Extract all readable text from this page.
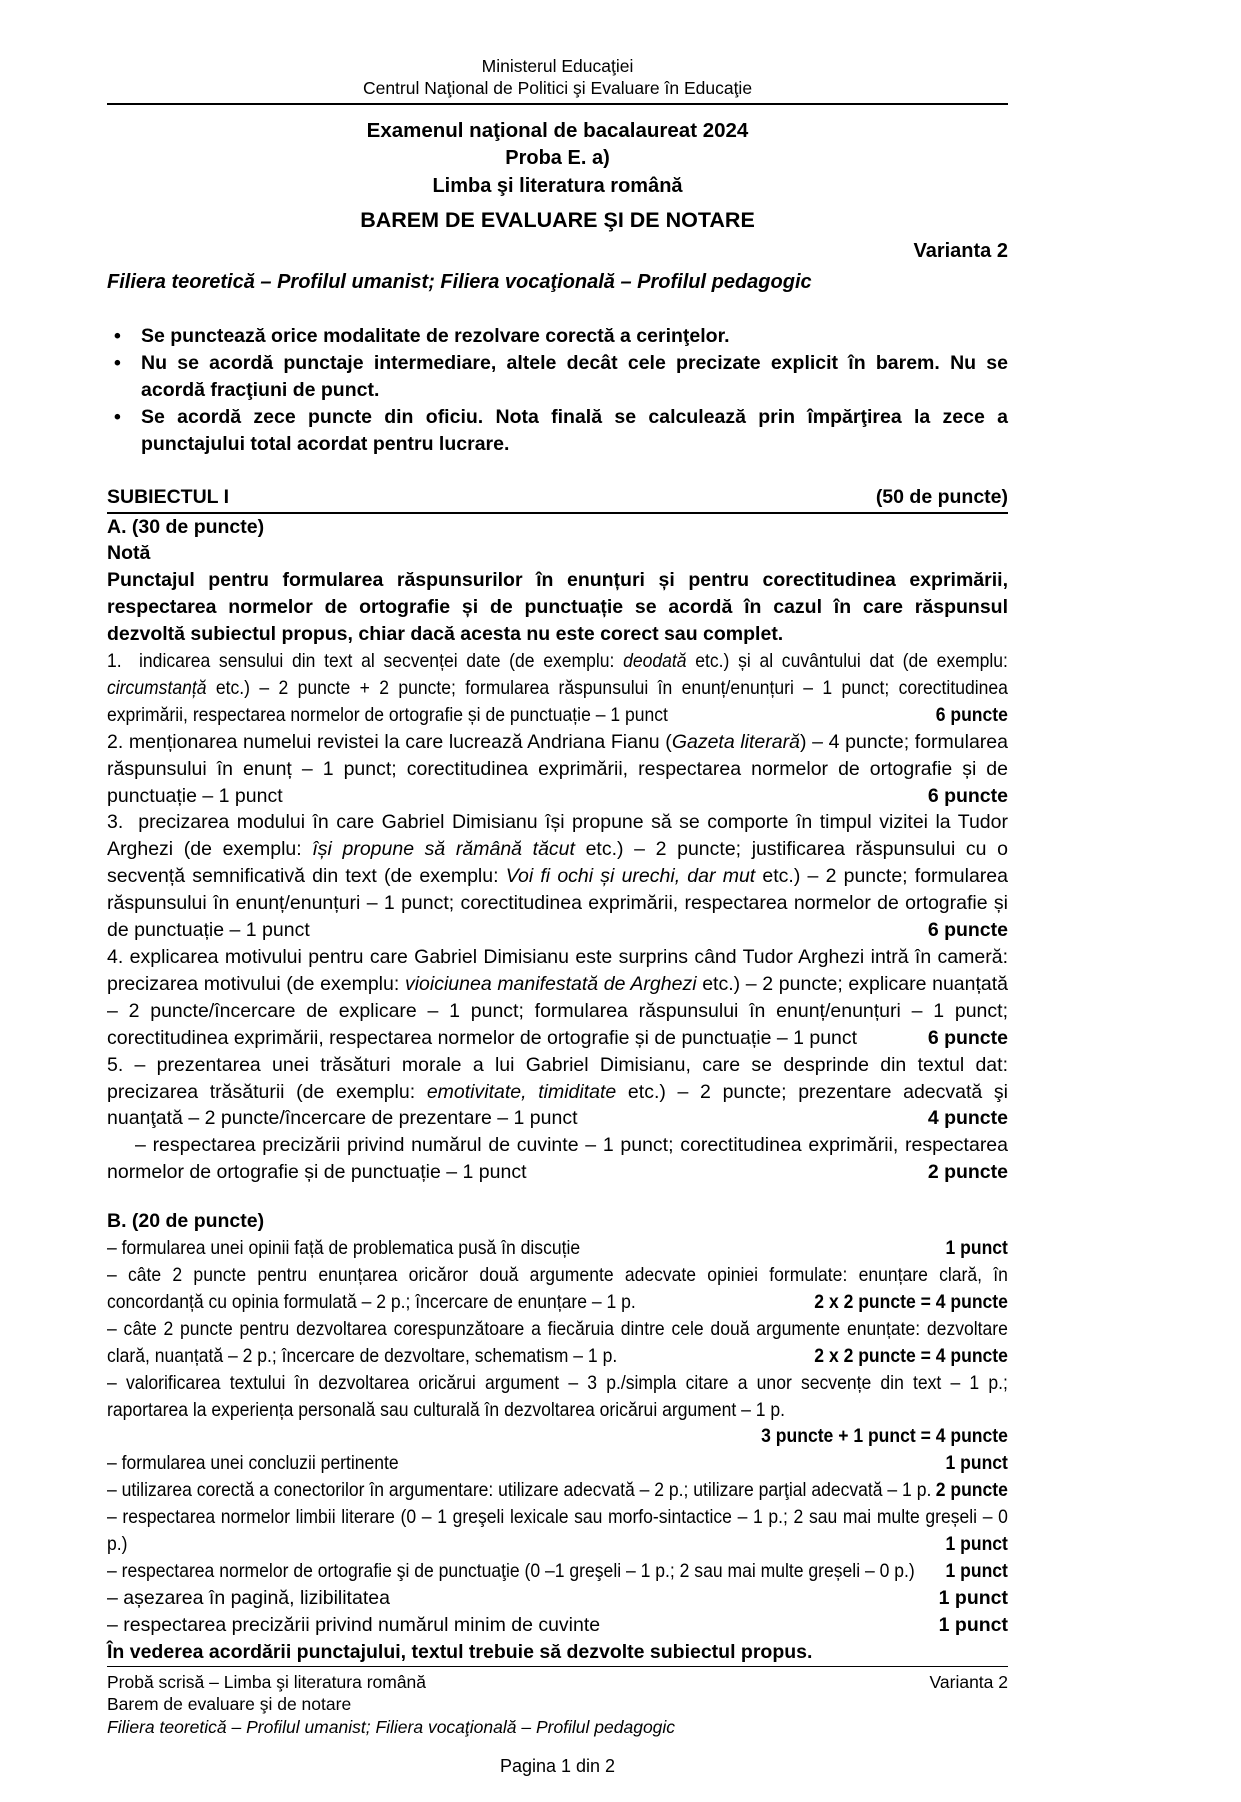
Ministerul Educaţiei
Centrul Naţional de Politici şi Evaluare în Educaţie
Examenul naţional de bacalaureat 2024
Proba E. a)
Limba şi literatura română
BAREM DE EVALUARE ŞI DE NOTARE
Varianta 2
Filiera teoretică – Profilul umanist; Filiera vocaţională – Profilul pedagogic
• Se punctează orice modalitate de rezolvare corectă a cerinţelor.
• Nu se acordă punctaje intermediare, altele decât cele precizate explicit în barem. Nu se acordă fracţiuni de punct.
• Se acordă zece puncte din oficiu. Nota finală se calculează prin împărţirea la zece a punctajului total acordat pentru lucrare.
SUBIECTUL I	(50 de puncte)
A. (30 de puncte)
Notă
Punctajul pentru formularea răspunsurilor în enunțuri și pentru corectitudinea exprimării, respectarea normelor de ortografie și de punctuație se acordă în cazul în care răspunsul dezvoltă subiectul propus, chiar dacă acesta nu este corect sau complet.
1.  indicarea sensului din text al secvenței date (de exemplu: deodată etc.) și al cuvântului dat (de exemplu: circumstanță etc.) – 2 puncte + 2 puncte; formularea răspunsului în enunț/enunțuri – 1 punct; corectitudinea exprimării, respectarea normelor de ortografie și de punctuație – 1 punct	6 puncte
2. menționarea numelui revistei la care lucrează Andriana Fianu (Gazeta literară) – 4 puncte; formularea răspunsului în enunț – 1 punct; corectitudinea exprimării, respectarea normelor de ortografie și de punctuație – 1 punct	6 puncte
3.  precizarea modului în care Gabriel Dimisianu își propune să se comporte în timpul vizitei la Tudor Arghezi (de exemplu: își propune să rămână tăcut etc.) – 2 puncte; justificarea răspunsului cu o secvență semnificativă din text (de exemplu: Voi fi ochi și urechi, dar mut etc.) – 2 puncte; formularea răspunsului în enunț/enunțuri – 1 punct; corectitudinea exprimării, respectarea normelor de ortografie și de punctuație – 1 punct	6 puncte
4. explicarea motivului pentru care Gabriel Dimisianu este surprins când Tudor Arghezi intră în cameră: precizarea motivului (de exemplu: vioiciunea manifestată de Arghezi etc.) – 2 puncte; explicare nuanțată – 2 puncte/încercare de explicare – 1 punct; formularea răspunsului în enunț/enunțuri – 1 punct; corectitudinea exprimării, respectarea normelor de ortografie și de punctuație – 1 punct	6 puncte
5. – prezentarea unei trăsături morale a lui Gabriel Dimisianu, care se desprinde din textul dat: precizarea trăsăturii (de exemplu: emotivitate, timiditate etc.) – 2 puncte; prezentare adecvată şi nuanţată – 2 puncte/încercare de prezentare – 1 punct	4 puncte
– respectarea precizării privind numărul de cuvinte – 1 punct; corectitudinea exprimării, respectarea normelor de ortografie și de punctuație – 1 punct	2 puncte
B. (20 de puncte)
– formularea unei opinii față de problematica pusă în discuție	1 punct
– câte 2 puncte pentru enunțarea oricăror două argumente adecvate opiniei formulate: enunțare clară, în concordanță cu opinia formulată – 2 p.; încercare de enunțare – 1 p.	2 x 2 puncte = 4 puncte
– câte 2 puncte pentru dezvoltarea corespunzătoare a fiecăruia dintre cele două argumente enunțate: dezvoltare clară, nuanțată – 2 p.; încercare de dezvoltare, schematism – 1 p.	2 x 2 puncte = 4 puncte
– valorificarea textului în dezvoltarea oricărui argument – 3 p./simpla citare a unor secvențe din text – 1 p.; raportarea la experiența personală sau culturală în dezvoltarea oricărui argument – 1 p.
3 puncte + 1 punct = 4 puncte
– formularea unei concluzii pertinente	1 punct
– utilizarea corectă a conectorilor în argumentare: utilizare adecvată – 2 p.; utilizare parţial adecvată – 1 p. 2 puncte
– respectarea normelor limbii literare (0 – 1 greşeli lexicale sau morfo-sintactice – 1 p.; 2 sau mai multe greșeli – 0 p.)	1 punct
– respectarea normelor de ortografie şi de punctuaţie (0 –1 greşeli – 1 p.; 2 sau mai multe greșeli – 0 p.) 1 punct
– așezarea în pagină, lizibilitatea	1 punct
– respectarea precizării privind numărul minim de cuvinte	1 punct
În vederea acordării punctajului, textul trebuie să dezvolte subiectul propus.
Probă scrisă – Limba şi literatura română
Barem de evaluare şi de notare
Filiera teoretică – Profilul umanist; Filiera vocaţională – Profilul pedagogic
Varianta 2
Pagina 1 din 2
